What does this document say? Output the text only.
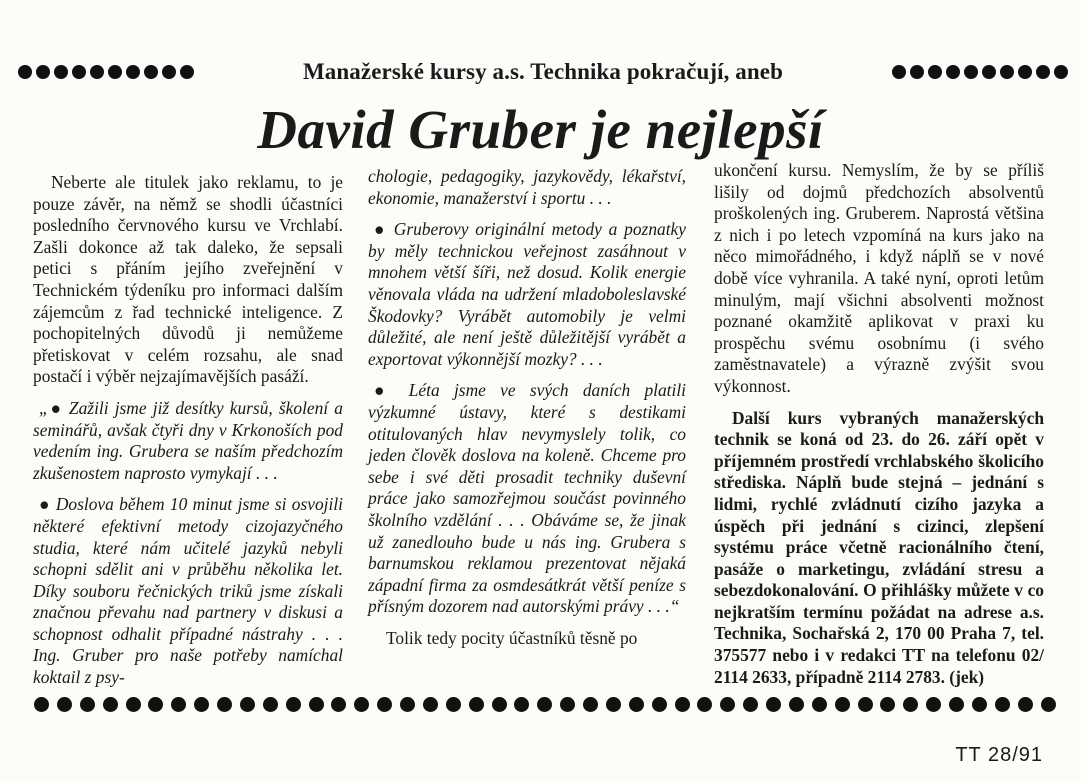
Manažerské kursy a.s. Technika pokračují, aneb
David Gruber je nejlepší

Neberte ale titulek jako reklamu, to je pouze závěr, na němž se shodli účastníci posledního červnového kursu ve Vrchlabí. Zašli dokonce až tak daleko, že sepsali petici s přáním jejího zveřejnění v Technickém týdeníku pro informaci dalším zájemcům z řad technické inteligence. Z pochopitelných důvodů ji nemůžeme přetiskovat v celém rozsahu, ale snad postačí i výběr nejzajímavějších pasáží.

„● Zažili jsme již desítky kursů, školení a seminářů, avšak čtyři dny v Krkonoších pod vedením ing. Grubera se naším předchozím zkušenostem naprosto vymykají . . .

● Doslova během 10 minut jsme si osvojili některé efektivní metody cizojazyčného studia, které nám učitelé jazyků nebyli schopni sdělit ani v průběhu několika let. Díky souboru řečnických triků jsme získali značnou převahu nad partnery v diskusi a schopnost odhalit případné nástrahy . . . Ing. Gruber pro naše potřeby namíchal koktail z psy-

chologie, pedagogiky, jazykovědy, lékařství, ekonomie, manažerství i sportu . . .

● Gruberovy originální metody a poznatky by měly technickou veřejnost zasáhnout v mnohem větší šíři, než dosud. Kolik energie věnovala vláda na udržení mladoboleslavské Škodovky? Vyrábět automobily je velmi důležité, ale není ještě důležitější vyrábět a exportovat výkonnější mozky? . . .

● Léta jsme ve svých daních platili výzkumné ústavy, které s destikami otitulovaných hlav nevymyslely tolik, co jeden člověk doslova na koleně. Chceme pro sebe i své děti prosadit techniky duševní práce jako samozřejmou součást povinného školního vzdělání . . . Obáváme se, že jinak už zanedlouho bude u nás ing. Grubera s barnumskou reklamou prezentovat nějaká západní firma za osmdesátkrát větší peníze s přísným dozorem nad autorskými právy . . .“

Tolik tedy pocity účastníků těsně po

ukončení kursu. Nemyslím, že by se příliš lišily od dojmů předchozích absolventů proškolených ing. Gruberem. Naprostá většina z nich i po letech vzpomíná na kurs jako na něco mimořádného, i když náplň se v nové době více vyhranila. A také nyní, oproti letům minulým, mají všichni absolventi možnost poznané okamžitě aplikovat v praxi ku prospěchu svému osobnímu (i svého zaměstnavatele) a výrazně zvýšit svou výkonnost.

Další kurs vybraných manažerských technik se koná od 23. do 26. září opět v příjemném prostředí vrchlabského školicího střediska. Náplň bude stejná – jednání s lidmi, rychlé zvládnutí cizího jazyka a úspěch při jednání s cizinci, zlepšení systému práce včetně racionálního čtení, pasáže o marketingu, zvládání stresu a sebezdokonalování. O přihlášky můžete v co nejkratším termínu požádat na adrese a.s. Technika, Sochařská 2, 170 00 Praha 7, tel. 375577 nebo i v redakci TT na telefonu 02/ 2114 2633, případně 2114 2783. (jek)

TT 28/91
